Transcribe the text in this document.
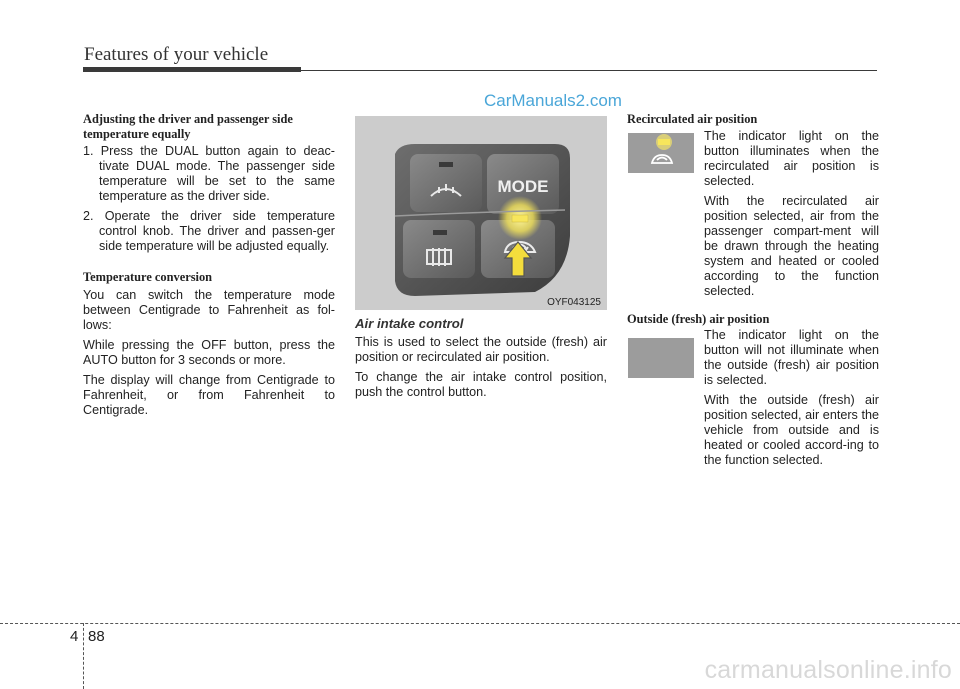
Features of your vehicle
CarManuals2.com
Adjusting the driver and passenger side
temperature equally
1. Press the DUAL button again to deac-tivate DUAL mode. The passenger side temperature will be set to the same temperature as the driver side.
2. Operate the driver side temperature control knob. The driver and passen-ger side temperature will be adjusted equally.
Temperature conversion

You can switch the temperature mode between Centigrade to Fahrenheit as fol-lows:

While pressing the OFF button, press the AUTO button for 3 seconds or more.

The display will change from Centigrade to Fahrenheit, or from Fahrenheit to Centigrade.

MODE
OYF043125
Air intake control

This is used to select the outside (fresh) air position or recirculated air position.

To change the air intake control position, push the control button.

Recirculated air position

The indicator light on the button illuminates when the recirculated air position is selected.

With the recirculated air position selected, air from the passenger compart-ment will be drawn through the heating system and heated or cooled according to the function selected.

Outside (fresh) air position

The indicator light on the button will not illuminate when the outside (fresh) air position is selected.

With the outside (fresh) air position selected, air enters the vehicle from outside and is heated or cooled accord-ing to the function selected.

4 88
carmanualsonline.info
